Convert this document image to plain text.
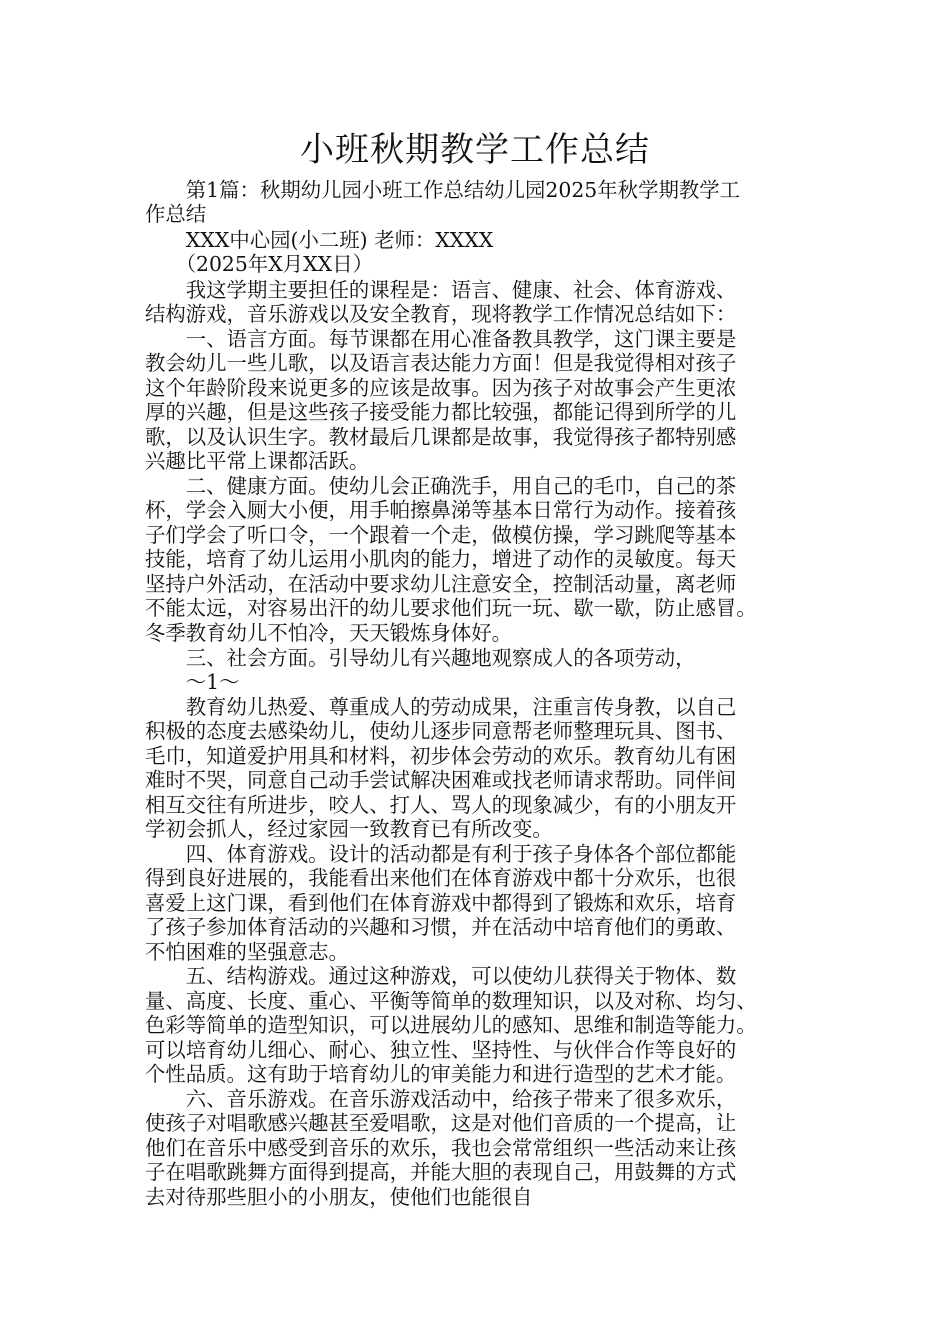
小班秋期教学工作总结
　　第1篇：秋期幼儿园小班工作总结幼儿园2025年秋学期教学工
作总结
　　XXX中心园(小二班) 老师：XXXX
　　（2025年X月XX日）
　　我这学期主要担任的课程是：语言、健康、社会、体育游戏、
结构游戏，音乐游戏以及安全教育，现将教学工作情况总结如下：
　　一、语言方面。每节课都在用心准备教具教学，这门课主要是
教会幼儿一些儿歌，以及语言表达能力方面！但是我觉得相对孩子
这个年龄阶段来说更多的应该是故事。因为孩子对故事会产生更浓
厚的兴趣，但是这些孩子接受能力都比较强，都能记得到所学的儿
歌，以及认识生字。教材最后几课都是故事，我觉得孩子都特别感
兴趣比平常上课都活跃。
　　二、健康方面。使幼儿会正确洗手，用自己的毛巾，自己的茶
杯，学会入厕大小便，用手帕擦鼻涕等基本日常行为动作。接着孩
子们学会了听口令，一个跟着一个走，做模仿操，学习跳爬等基本
技能，培育了幼儿运用小肌肉的能力，增进了动作的灵敏度。每天
坚持户外活动，在活动中要求幼儿注意安全，控制活动量，离老师
不能太远，对容易出汗的幼儿要求他们玩一玩、歇一歇，防止感冒。
冬季教育幼儿不怕冷，天天锻炼身体好。
　　三、社会方面。引导幼儿有兴趣地观察成人的各项劳动，
　　～1～
　　教育幼儿热爱、尊重成人的劳动成果，注重言传身教，以自己
积极的态度去感染幼儿，使幼儿逐步同意帮老师整理玩具、图书、
毛巾，知道爱护用具和材料，初步体会劳动的欢乐。教育幼儿有困
难时不哭，同意自己动手尝试解决困难或找老师请求帮助。同伴间
相互交往有所进步，咬人、打人、骂人的现象减少，有的小朋友开
学初会抓人，经过家园一致教育已有所改变。
　　四、体育游戏。设计的活动都是有利于孩子身体各个部位都能
得到良好进展的，我能看出来他们在体育游戏中都十分欢乐，也很
喜爱上这门课，看到他们在体育游戏中都得到了锻炼和欢乐，培育
了孩子参加体育活动的兴趣和习惯，并在活动中培育他们的勇敢、
不怕困难的坚强意志。
　　五、结构游戏。通过这种游戏，可以使幼儿获得关于物体、数
量、高度、长度、重心、平衡等简单的数理知识，以及对称、均匀、
色彩等简单的造型知识，可以进展幼儿的感知、思维和制造等能力。
可以培育幼儿细心、耐心、独立性、坚持性、与伙伴合作等良好的
个性品质。这有助于培育幼儿的审美能力和进行造型的艺术才能。
　　六、音乐游戏。在音乐游戏活动中，给孩子带来了很多欢乐，
使孩子对唱歌感兴趣甚至爱唱歌，这是对他们音质的一个提高，让
他们在音乐中感受到音乐的欢乐，我也会常常组织一些活动来让孩
子在唱歌跳舞方面得到提高，并能大胆的表现自己，用鼓舞的方式
去对待那些胆小的小朋友，使他们也能很自
